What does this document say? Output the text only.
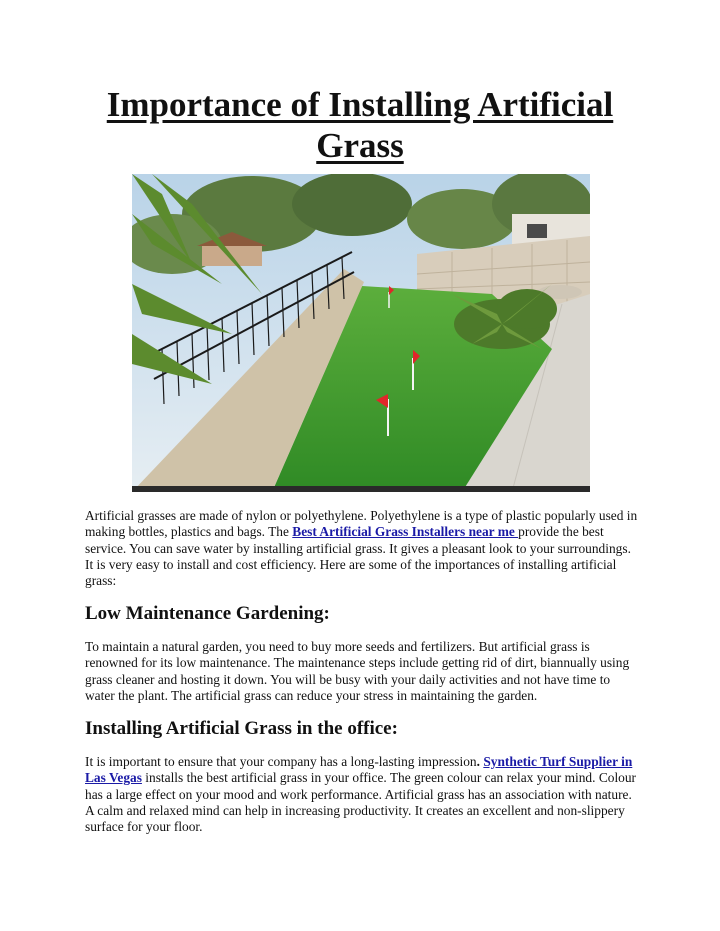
Importance of Installing Artificial Grass

Artificial grasses are made of nylon or polyethylene. Polyethylene is a type of plastic popularly used in making bottles, plastics and bags. The Best Artificial Grass Installers near me provide the best service. You can save water by installing artificial grass. It gives a pleasant look to your surroundings. It is very easy to install and cost efficiency. Here are some of the importances of installing artificial grass:

Low Maintenance Gardening:

To maintain a natural garden, you need to buy more seeds and fertilizers. But artificial grass is renowned for its low maintenance. The maintenance steps include getting rid of dirt, biannually using grass cleaner and hosting it down. You will be busy with your daily activities and not have time to water the plant. The artificial grass can reduce your stress in maintaining the garden.

Installing Artificial Grass in the office:

It is important to ensure that your company has a long-lasting impression. Synthetic Turf Supplier in Las Vegas installs the best artificial grass in your office. The green colour can relax your mind. Colour has a large effect on your mood and work performance. Artificial grass has an association with nature. A calm and relaxed mind can help in increasing productivity. It creates an excellent and non-slippery surface for your floor.
